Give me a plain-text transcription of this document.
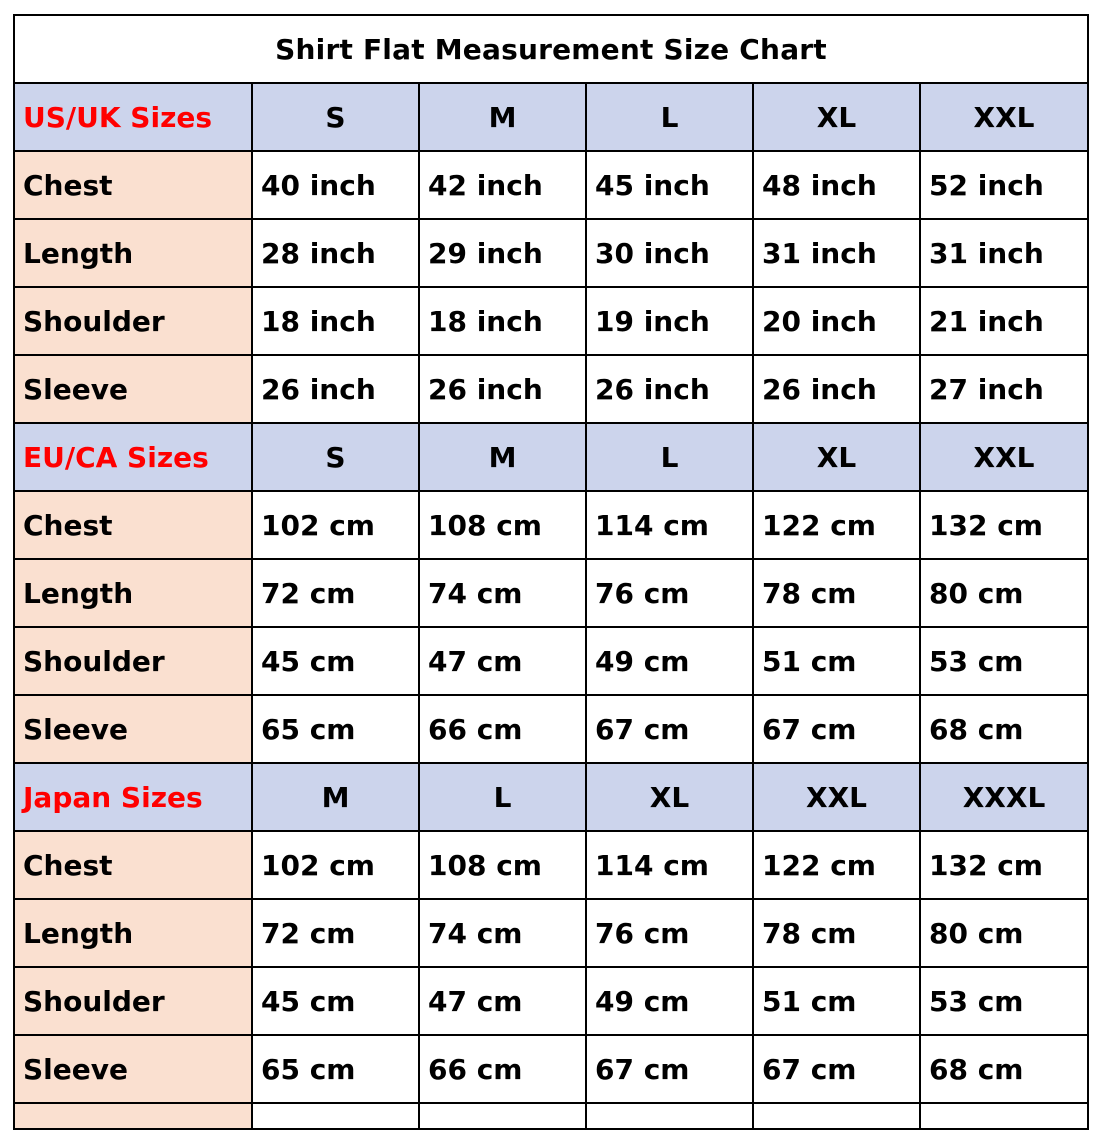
Shirt Flat Measurement Size Chart					
US/UK Sizes	S	M	L	XL	XXL
Chest	40 inch	42 inch	45 inch	48 inch	52 inch
Length	28 inch	29 inch	30 inch	31 inch	31 inch
Shoulder	18 inch	18 inch	19 inch	20 inch	21 inch
Sleeve	26 inch	26 inch	26 inch	26 inch	27 inch
EU/CA Sizes	S	M	L	XL	XXL
Chest	102 cm	108 cm	114 cm	122 cm	132 cm
Length	72 cm	74 cm	76 cm	78 cm	80 cm
Shoulder	45 cm	47 cm	49 cm	51 cm	53 cm
Sleeve	65 cm	66 cm	67 cm	67 cm	68 cm
Japan Sizes	M	L	XL	XXL	XXXL
Chest	102 cm	108 cm	114 cm	122 cm	132 cm
Length	72 cm	74 cm	76 cm	78 cm	80 cm
Shoulder	45 cm	47 cm	49 cm	51 cm	53 cm
Sleeve	65 cm	66 cm	67 cm	67 cm	68 cm
